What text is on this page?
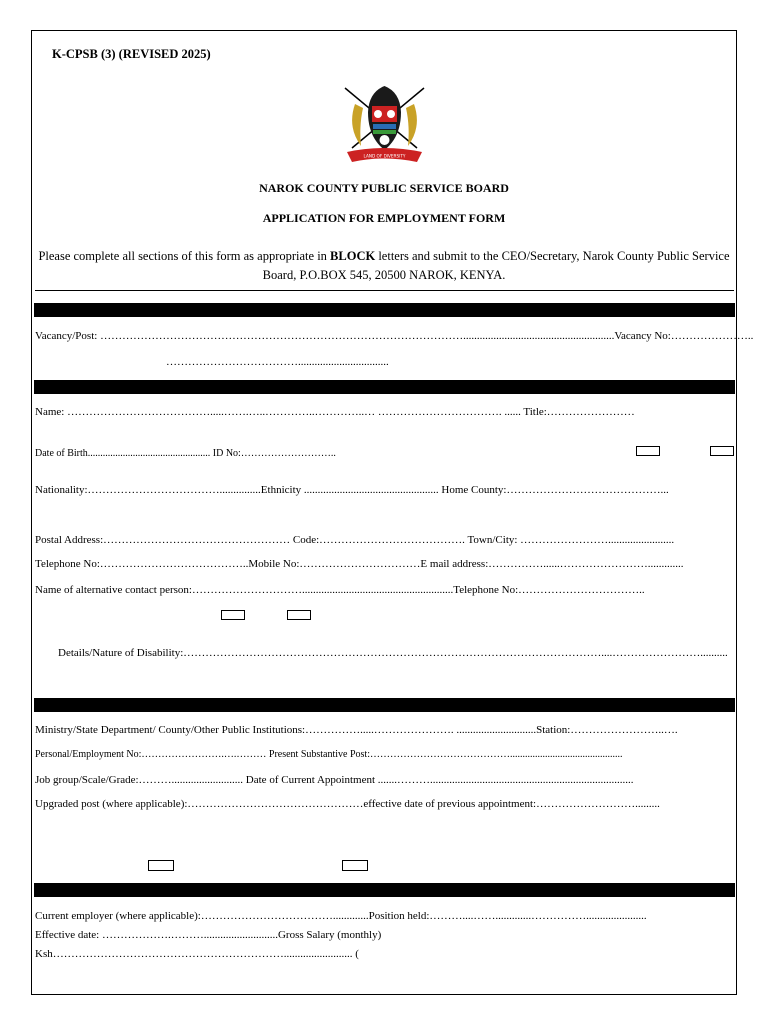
K-CPSB (3) (REVISED 2025)
LAND OF DIVERSITY
NAROK COUNTY PUBLIC SERVICE BOARD
APPLICATION FOR EMPLOYMENT FORM
Please complete all sections of this form as appropriate in BLOCK letters and submit to the CEO/Secretary, Narok County Public Service Board, P.O.BOX 545, 20500 NAROK, KENYA.
Vacancy/Post: ……………………………………………………………………………………….......................................................Vacancy No:…………………..
……………………………….................................
Name: ………………………………….....…….…..…………..…………..… ……………………………. ...... Title:……………………
Date of Birth................................................. ID No:………………………..
Nationality:………………………………...............Ethnicity ................................................. Home County:……………………………………...
Postal Address:…………………………………………… Code:…………………………………. Town/City: ……………………........................
Telephone No:…………………………………..Mobile No:……………………………E mail address:……………......…………………….............
Name of alternative contact person:………………………….......................................................Telephone No:……………………………..
Details/Nature of Disability:……………………………………………………………………………………………………....……………………..........
Ministry/State Department/ County/Other Public Institutions:…………….....…………………. .............................Station:……………………..….
Personal/Employment No:…………………….….……… Present Substantive Post:…………………………………….............................................
Job group/Scale/Grade:……….......................... Date of Current Appointment .......………..........................................................................
Upgraded post (where applicable):…………………………………………effective date of previous appointment:……………………….........
Current employer (where applicable):……………………………….............Position held:………....…….............……………......................
Effective date: ……………….………...........................Gross Salary (monthly)
Ksh………………………………………………………......................... (
